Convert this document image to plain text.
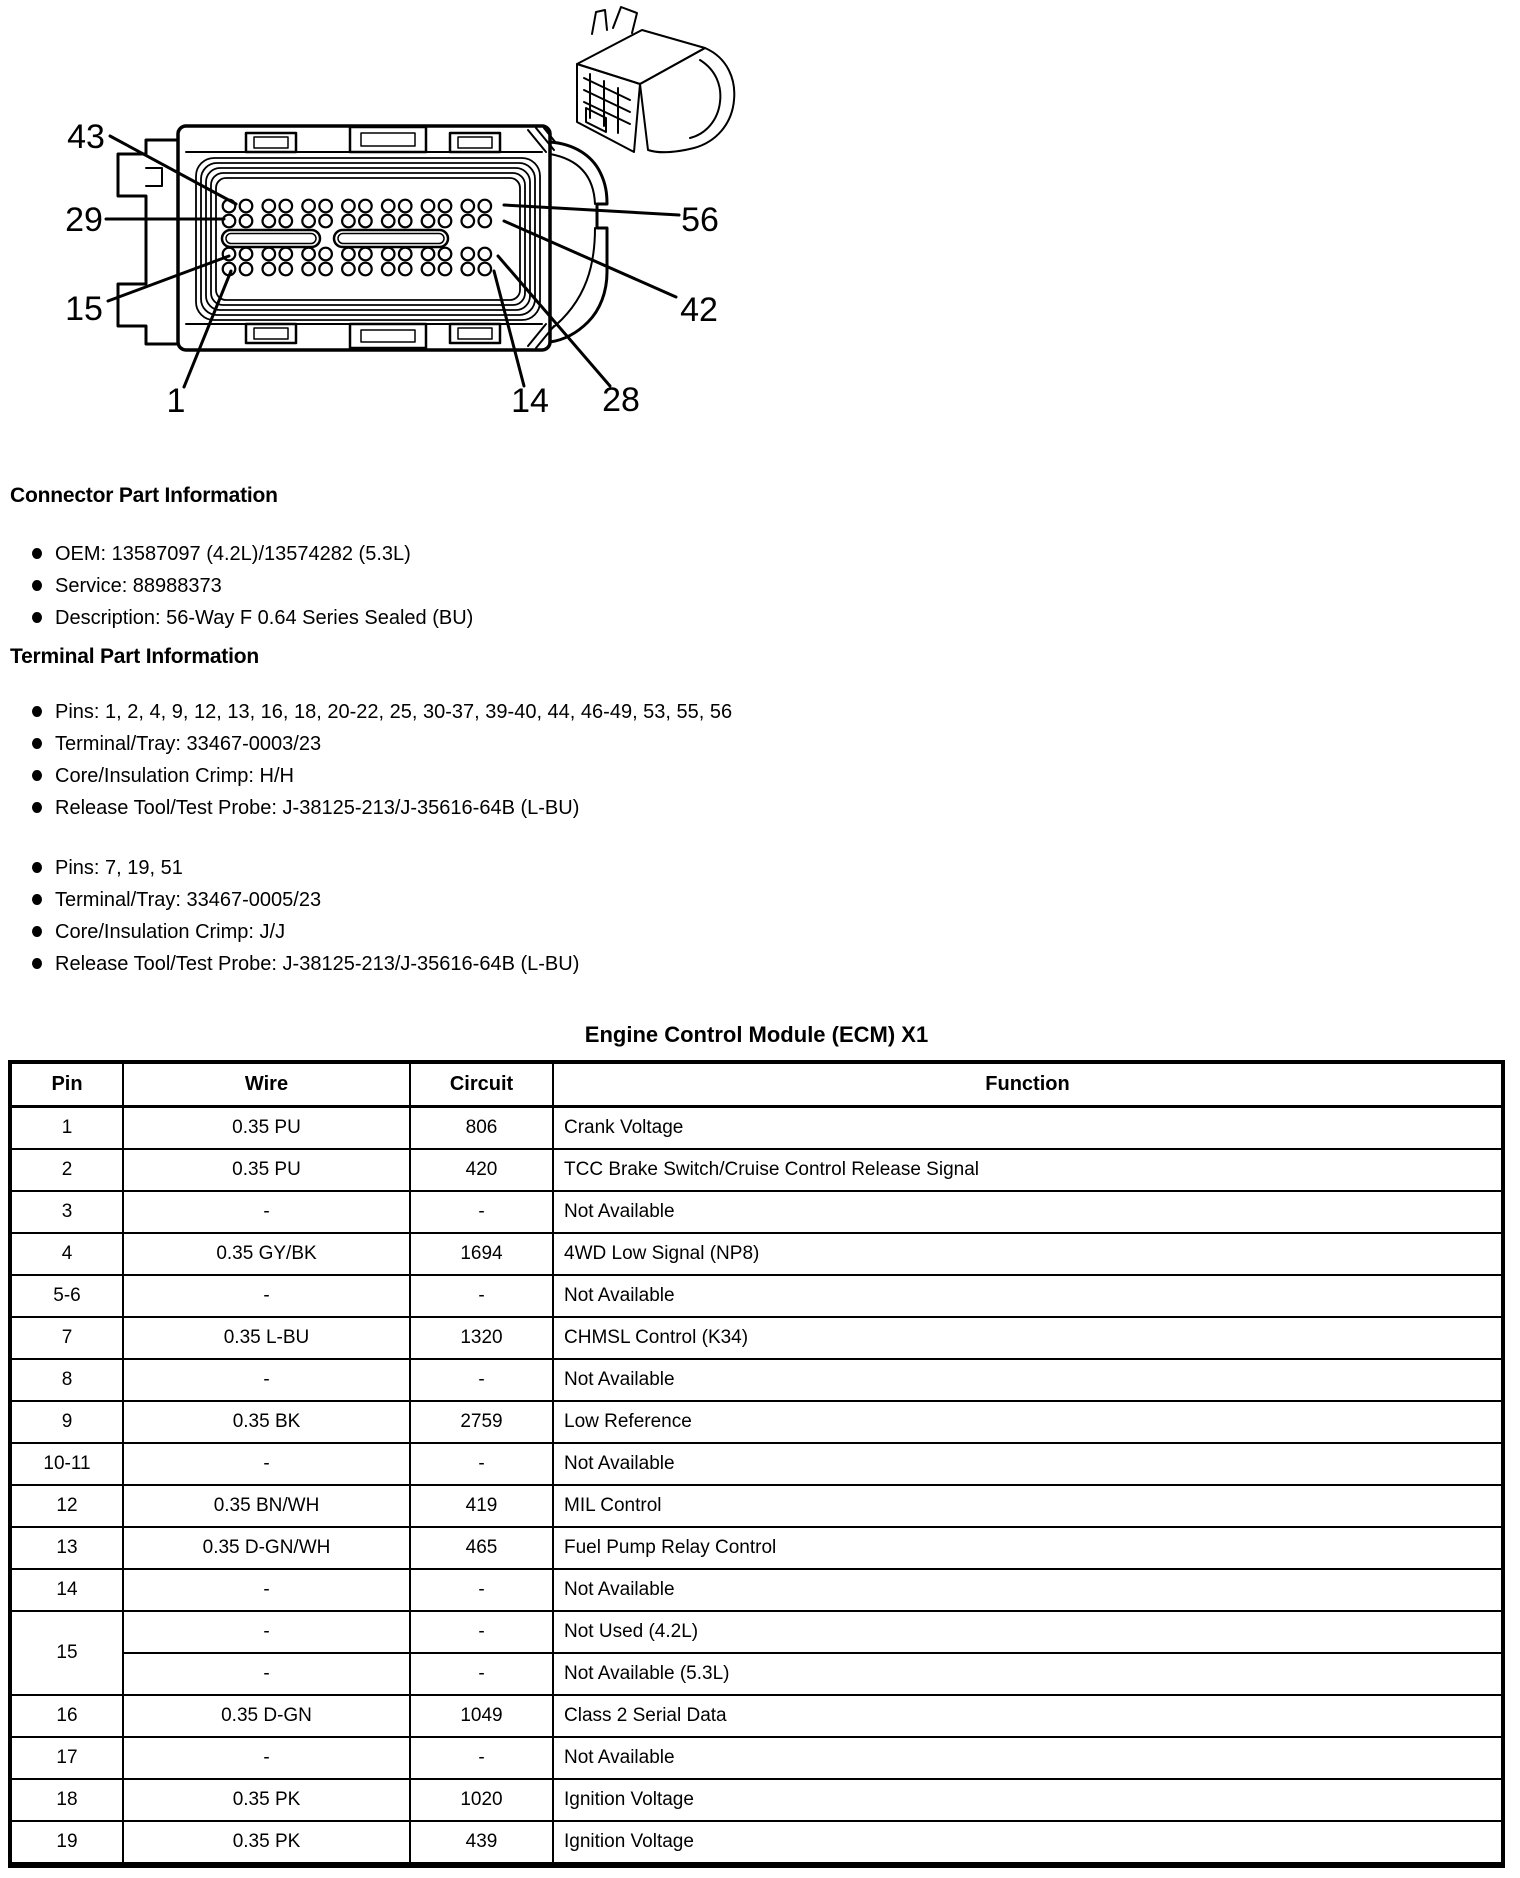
43
29
15
1	14 28
56
42
Connector Part Information
OEM: 13587097 (4.2L)/13574282 (5.3L)
Service: 88988373
Description: 56-Way F 0.64 Series Sealed (BU)
Terminal Part Information
Pins: 1, 2, 4, 9, 12, 13, 16, 18, 20-22, 25, 30-37, 39-40, 44, 46-49, 53, 55, 56
Terminal/Tray: 33467-0003/23
Core/Insulation Crimp: H/H
Release Tool/Test Probe: J-38125-213/J-35616-64B (L-BU)
Pins: 7, 19, 51
Terminal/Tray: 33467-0005/23
Core/Insulation Crimp: J/J
Release Tool/Test Probe: J-38125-213/J-35616-64B (L-BU)
Engine Control Module (ECM) X1
Pin	Wire	Circuit	Function
1	0.35 PU	806	Crank Voltage
2	0.35 PU	420	TCC Brake Switch/Cruise Control Release Signal
3	-	-	Not Available
4	0.35 GY/BK	1694	4WD Low Signal (NP8)
5-6	-	-	Not Available
7	0.35 L-BU	1320	CHMSL Control (K34)
8	-	-	Not Available
9	0.35 BK	2759	Low Reference
10-11	-	-	Not Available
12	0.35 BN/WH	419	MIL Control
13	0.35 D-GN/WH	465	Fuel Pump Relay Control
14	-	-	Not Available
15	-	-	Not Used (4.2L)
	-	-	Not Available (5.3L)
16	0.35 D-GN	1049	Class 2 Serial Data
17	-	-	Not Available
18	0.35 PK	1020	Ignition Voltage
19	0.35 PK	439	Ignition Voltage
